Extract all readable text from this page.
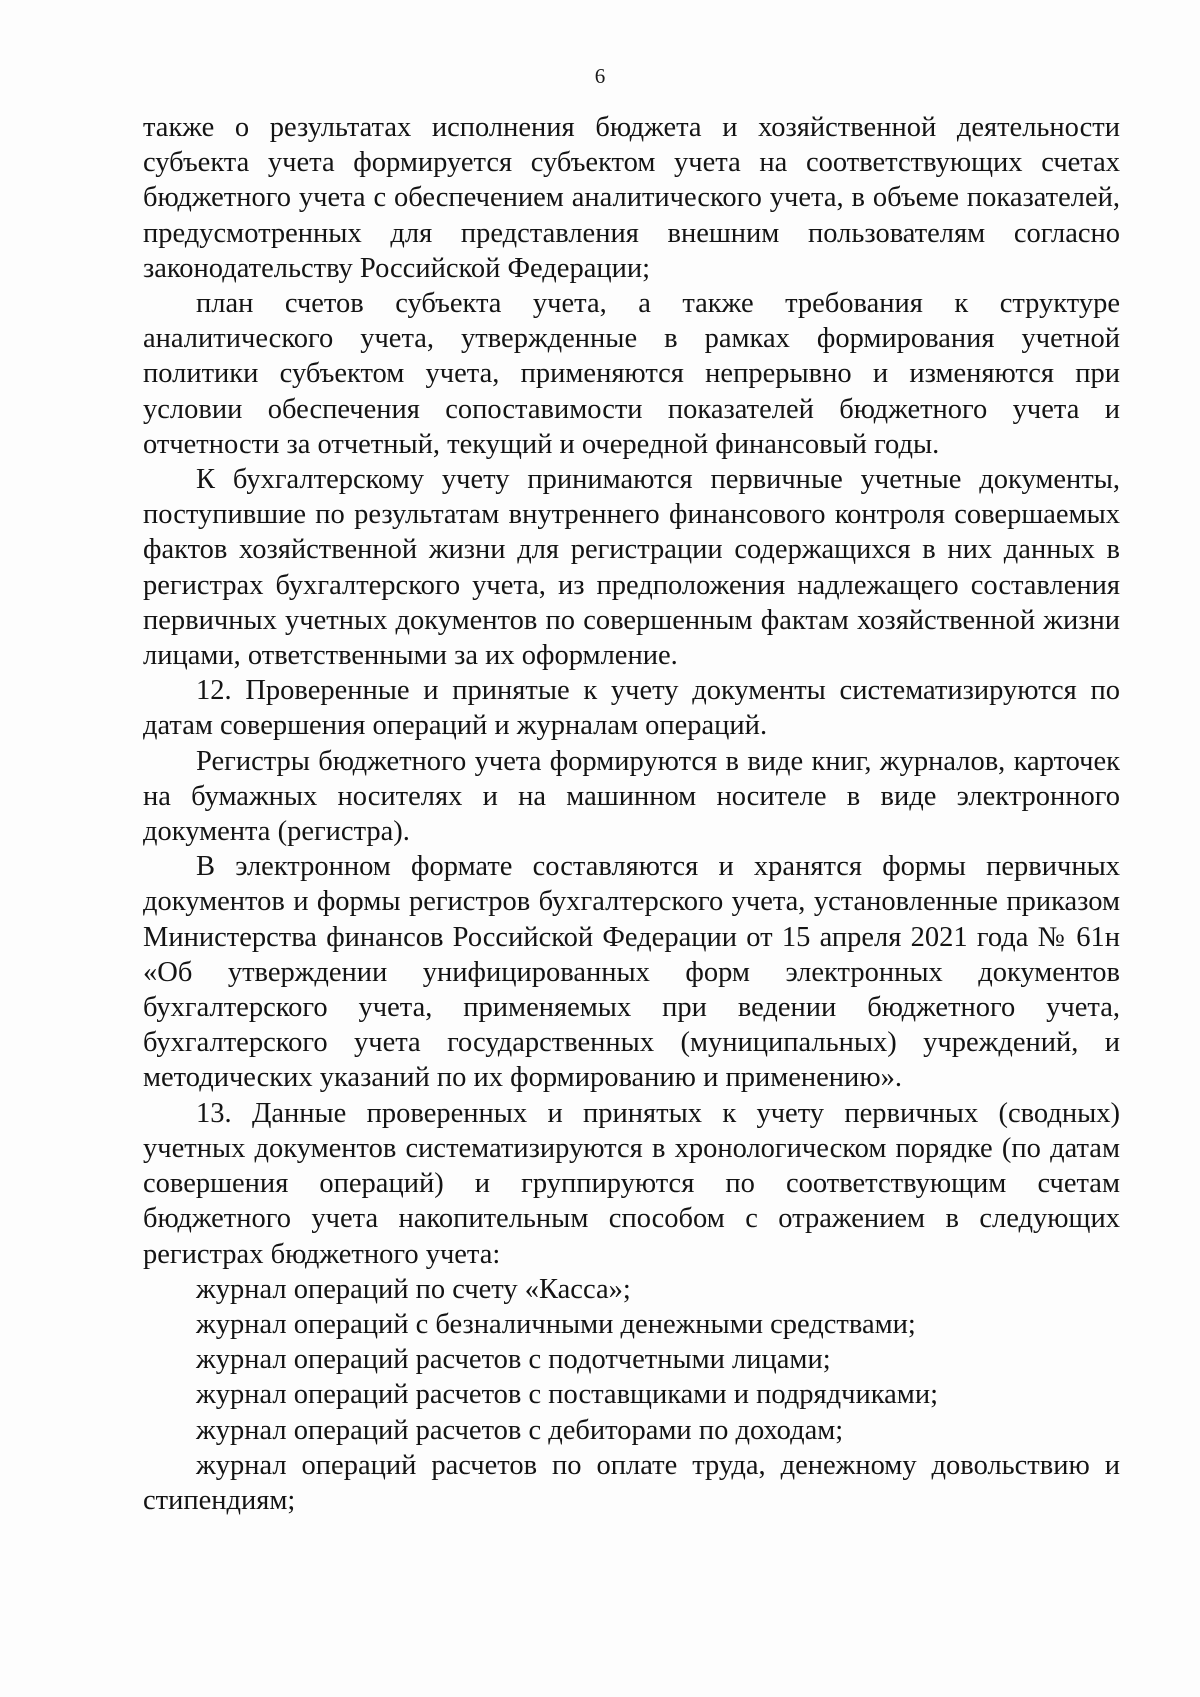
6

также о результатах исполнения бюджета и хозяйственной деятельности субъекта учета формируется субъектом учета на соответствующих счетах бюджетного учета с обеспечением аналитического учета, в объеме показателей, предусмотренных для представления внешним пользователям согласно законодательству Российской Федерации;

план счетов субъекта учета, а также требования к структуре аналитического учета, утвержденные в рамках формирования учетной политики субъектом учета, применяются непрерывно и изменяются при условии обеспечения сопоставимости показателей бюджетного учета и отчетности за отчетный, текущий и очередной финансовый годы.

К бухгалтерскому учету принимаются первичные учетные документы, поступившие по результатам внутреннего финансового контроля совершаемых фактов хозяйственной жизни для регистрации содержащихся в них данных в регистрах бухгалтерского учета, из предположения надлежащего составления первичных учетных документов по совершенным фактам хозяйственной жизни лицами, ответственными за их оформление.

12. Проверенные и принятые к учету документы систематизируются по датам совершения операций и журналам операций.

Регистры бюджетного учета формируются в виде книг, журналов, карточек на бумажных носителях и на машинном носителе в виде электронного документа (регистра).

В электронном формате составляются и хранятся формы первичных документов и формы регистров бухгалтерского учета, установленные приказом Министерства финансов Российской Федерации от 15 апреля 2021 года № 61н «Об утверждении унифицированных форм электронных документов бухгалтерского учета, применяемых при ведении бюджетного учета, бухгалтерского учета государственных (муниципальных) учреждений, и методических указаний по их формированию и применению».

13. Данные проверенных и принятых к учету первичных (сводных) учетных документов систематизируются в хронологическом порядке (по датам совершения операций) и группируются по соответствующим счетам бюджетного учета накопительным способом с отражением в следующих регистрах бюджетного учета:

журнал операций по счету «Касса»;

журнал операций с безналичными денежными средствами;

журнал операций расчетов с подотчетными лицами;

журнал операций расчетов с поставщиками и подрядчиками;

журнал операций расчетов с дебиторами по доходам;

журнал операций расчетов по оплате труда, денежному довольствию и стипендиям;
